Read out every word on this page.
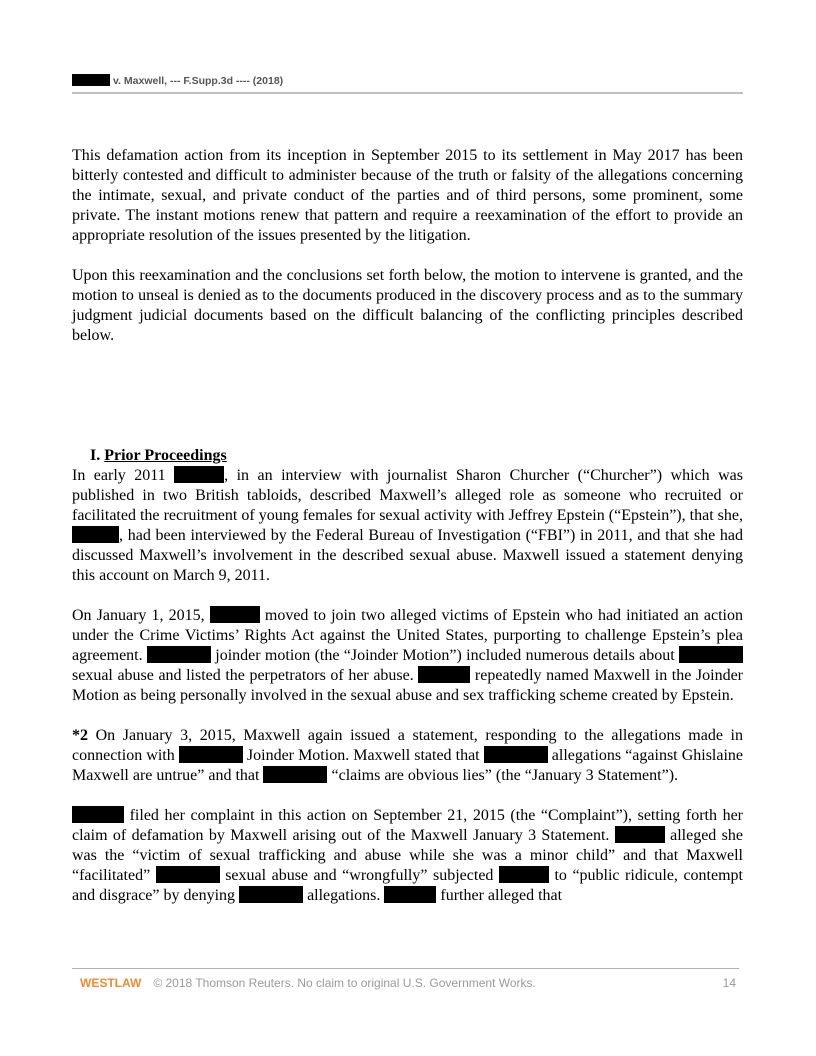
v. Maxwell, --- F.Supp.3d ---- (2018)

This defamation action from its inception in September 2015 to its settlement in May 2017 has been bitterly contested and difficult to administer because of the truth or falsity of the allegations concerning the intimate, sexual, and private conduct of the parties and of third persons, some prominent, some private. The instant motions renew that pattern and require a reexamination of the effort to provide an appropriate resolution of the issues presented by the litigation.

Upon this reexamination and the conclusions set forth below, the motion to intervene is granted, and the motion to unseal is denied as to the documents produced in the discovery process and as to the summary judgment judicial documents based on the difficult balancing of the conflicting principles described below.

I. Prior Proceedings

In early 2011	, in an interview with journalist Sharon Churcher (“Churcher”) which was published in two British tabloids, described Maxwell’s alleged role as someone who recruited or facilitated the recruitment of young females for sexual activity with Jeffrey Epstein (“Epstein”), that she, , had been interviewed by the Federal Bureau of Investigation (“FBI”) in 2011, and that she had discussed Maxwell’s involvement in the described sexual abuse. Maxwell issued a statement denying this account on March 9, 2011.

On January 1, 2015,	moved to join two alleged victims of Epstein who had initiated an action under the Crime Victims’ Rights Act against the United States, purporting to challenge Epstein’s plea agreement.	joinder motion (the “Joinder Motion”) included numerous details about  sexual abuse and listed the perpetrators of her abuse.	repeatedly named Maxwell in the Joinder Motion as being personally involved in the sexual abuse and sex trafficking scheme created by Epstein.

*2 On January 3, 2015, Maxwell again issued a statement, responding to the allegations made in connection with	Joinder Motion. Maxwell stated that	allegations “against Ghislaine Maxwell are untrue” and that	“claims are obvious lies” (the “January 3 Statement”).

filed her complaint in this action on September 21, 2015 (the “Complaint”), setting forth her claim of defamation by Maxwell arising out of the Maxwell January 3 Statement.	alleged she was the “victim of sexual trafficking and abuse while she was a minor child” and that Maxwell “facilitated”	sexual abuse and “wrongfully” subjected	to “public ridicule, contempt and disgrace” by denying	allegations.	further alleged that

WESTLAW © 2018 Thomson Reuters. No claim to original U.S. Government Works.	14
